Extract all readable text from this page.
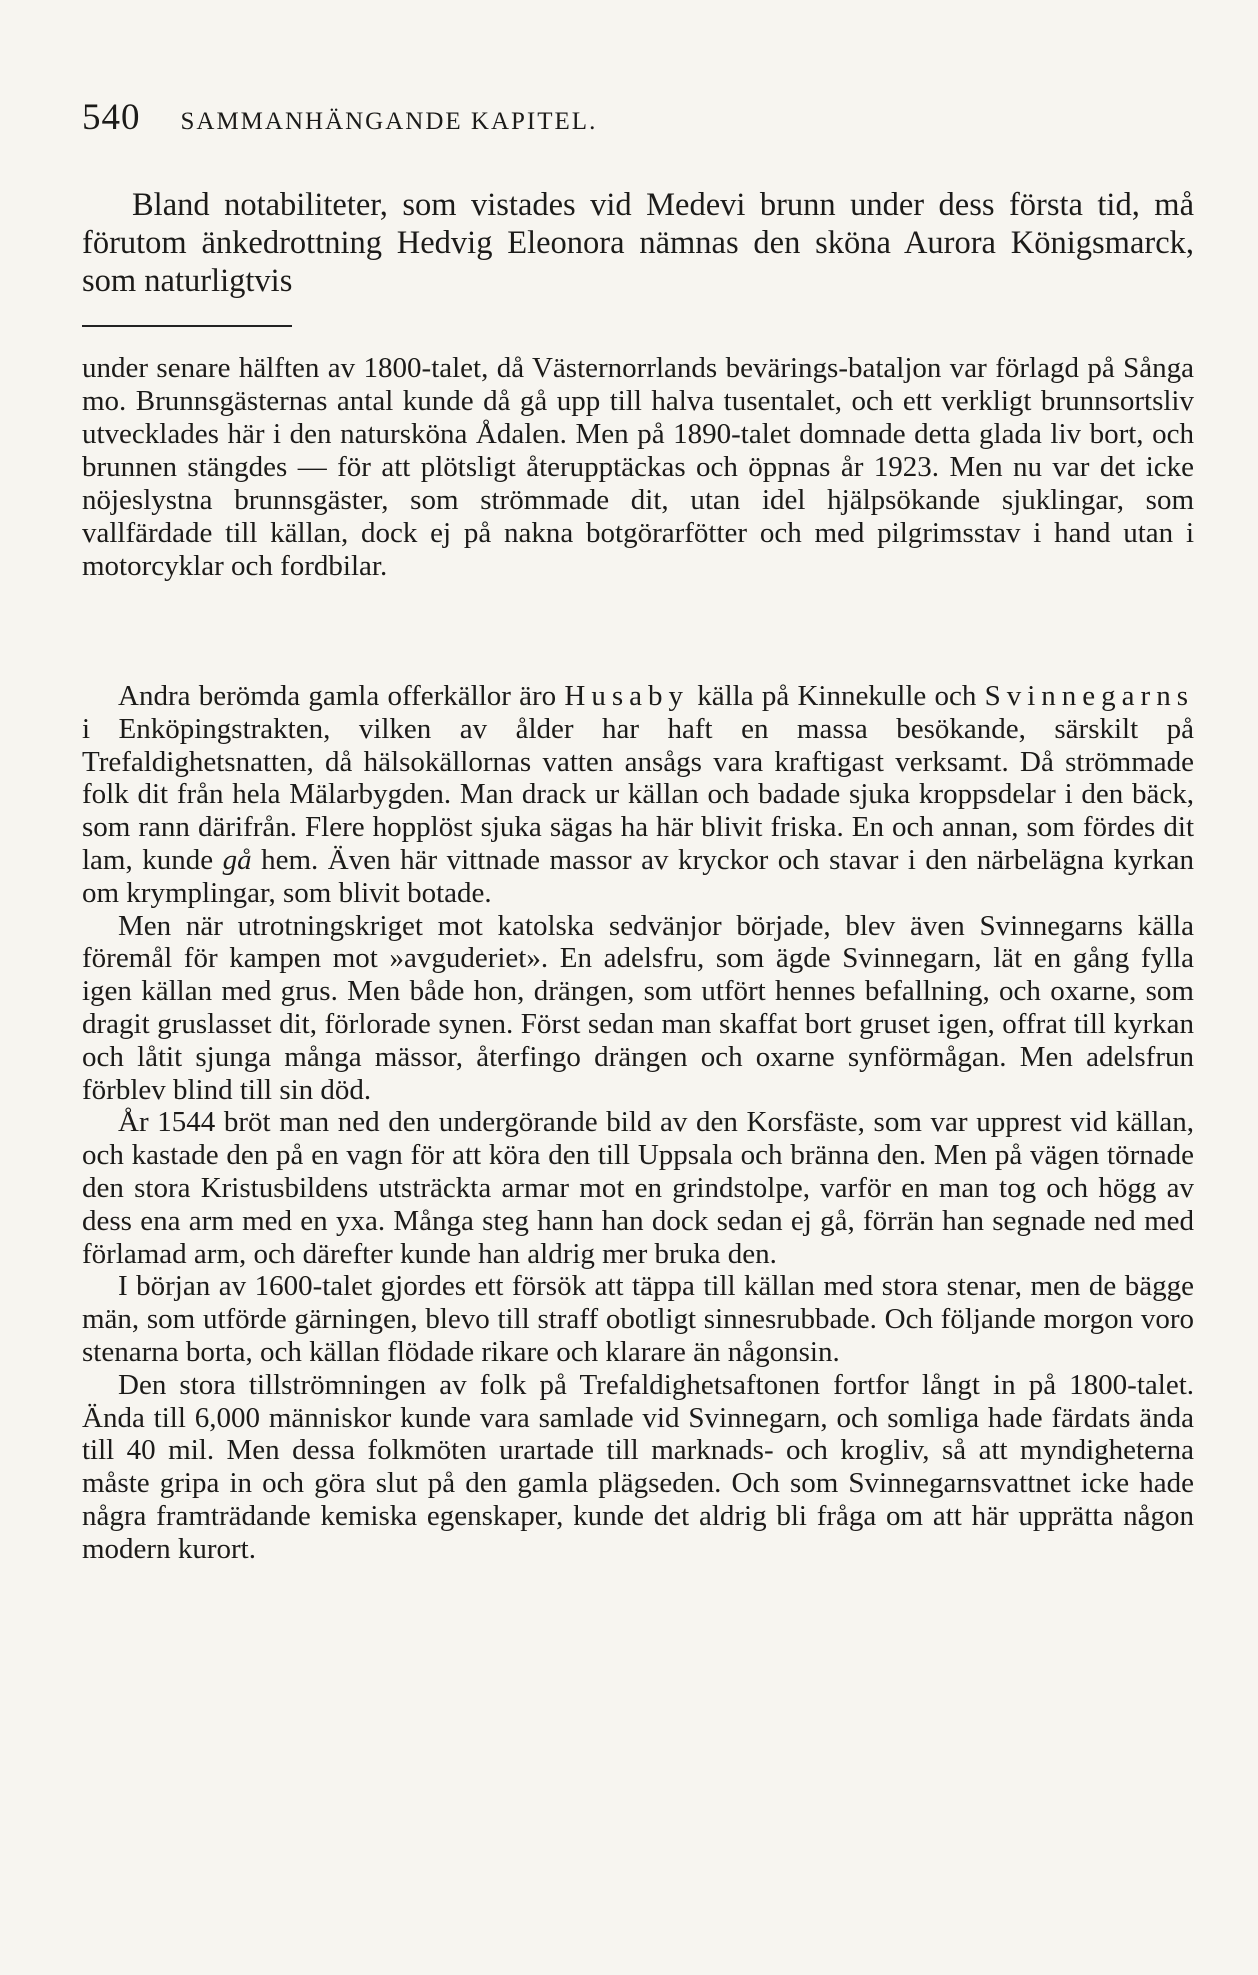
540 SAMMANHÄNGANDE KAPITEL.

Bland notabiliteter, som vistades vid Medevi brunn under dess första tid, må förutom änkedrottning Hedvig Eleonora nämnas den sköna Aurora Königsmarck, som naturligtvis

under senare hälften av 1800-talet, då Västernorrlands bevärings-bataljon var förlagd på Sånga mo. Brunnsgästernas antal kunde då gå upp till halva tusentalet, och ett verkligt brunnsortsliv utvecklades här i den natursköna Ådalen. Men på 1890-talet domnade detta glada liv bort, och brunnen stängdes — för att plötsligt återupptäckas och öppnas år 1923. Men nu var det icke nöjeslystna brunnsgäster, som strömmade dit, utan idel hjälpsökande sjuklingar, som vallfärdade till källan, dock ej på nakna botgörarfötter och med pilgrimsstav i hand utan i motorcyklar och fordbilar.

Andra berömda gamla offerkällor äro Husaby källa på Kinnekulle och Svinnegarns i Enköpingstrakten, vilken av ålder har haft en massa besökande, särskilt på Trefaldighetsnatten, då hälsokällornas vatten ansågs vara kraftigast verksamt. Då strömmade folk dit från hela Mälarbygden. Man drack ur källan och badade sjuka kroppsdelar i den bäck, som rann därifrån. Flere hopplöst sjuka sägas ha här blivit friska. En och annan, som fördes dit lam, kunde gå hem. Även här vittnade massor av kryckor och stavar i den närbelägna kyrkan om krymplingar, som blivit botade.

Men när utrotningskriget mot katolska sedvänjor började, blev även Svinnegarns källa föremål för kampen mot »avguderiet». En adelsfru, som ägde Svinnegarn, lät en gång fylla igen källan med grus. Men både hon, drängen, som utfört hennes befallning, och oxarne, som dragit gruslasset dit, förlorade synen. Först sedan man skaffat bort gruset igen, offrat till kyrkan och låtit sjunga många mässor, återfingo drängen och oxarne synförmågan. Men adelsfrun förblev blind till sin död.

År 1544 bröt man ned den undergörande bild av den Korsfäste, som var upprest vid källan, och kastade den på en vagn för att köra den till Uppsala och bränna den. Men på vägen törnade den stora Kristusbildens utsträckta armar mot en grindstolpe, varför en man tog och högg av dess ena arm med en yxa. Många steg hann han dock sedan ej gå, förrän han segnade ned med förlamad arm, och därefter kunde han aldrig mer bruka den.

I början av 1600-talet gjordes ett försök att täppa till källan med stora stenar, men de bägge män, som utförde gärningen, blevo till straff obotligt sinnesrubbade. Och följande morgon voro stenarna borta, och källan flödade rikare och klarare än någonsin.

Den stora tillströmningen av folk på Trefaldighetsaftonen fortfor långt in på 1800-talet. Ända till 6,000 människor kunde vara samlade vid Svinnegarn, och somliga hade färdats ända till 40 mil. Men dessa folkmöten urartade till marknads- och krogliv, så att myndigheterna måste gripa in och göra slut på den gamla plägseden. Och som Svinnegarnsvattnet icke hade några framträdande kemiska egenskaper, kunde det aldrig bli fråga om att här upprätta någon modern kurort.
